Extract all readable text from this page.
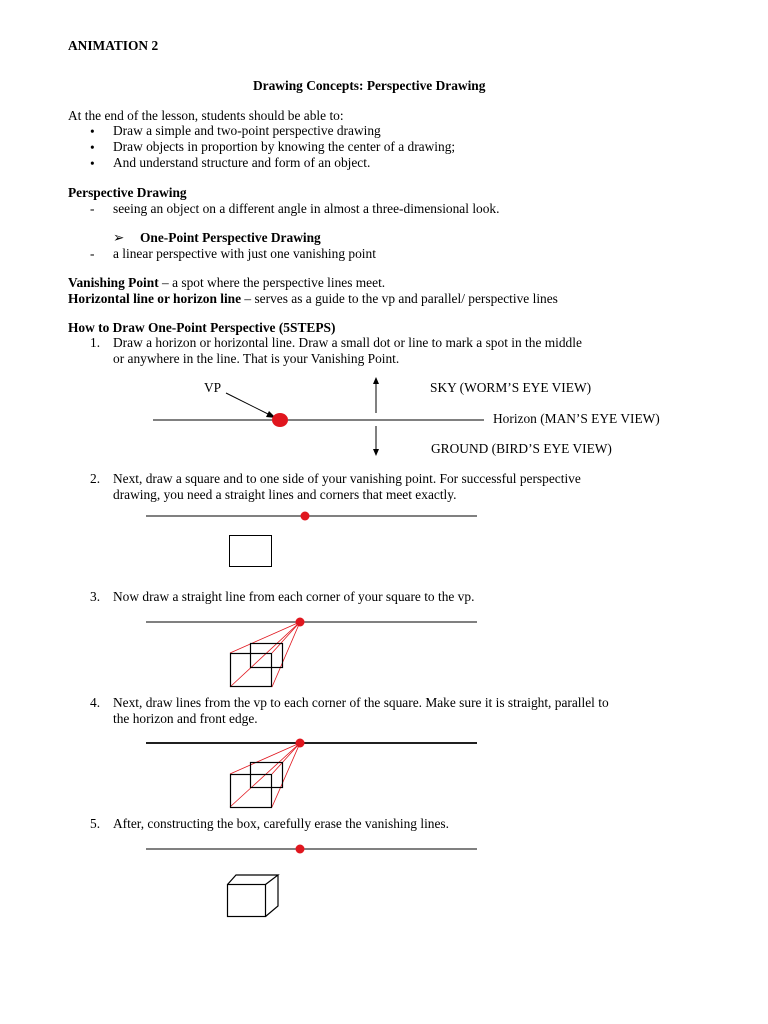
ANIMATION 2
Drawing Concepts: Perspective Drawing
At the end of the lesson, students should be able to:
• Draw a simple and two-point perspective drawing
• Draw objects in proportion by knowing the center of a drawing;
• And understand structure and form of an object.
Perspective Drawing
- seeing an object on a different angle in almost a three-dimensional look.
➢ One-Point Perspective Drawing
- a linear perspective with just one vanishing point
Vanishing Point – a spot where the perspective lines meet.
Horizontal line or horizon line – serves as a guide to the vp and parallel/ perspective lines
How to Draw One-Point Perspective (5STEPS)
1. Draw a horizon or horizontal line. Draw a small dot or line to mark a spot in the middle
or anywhere in the line. That is your Vanishing Point.
VP	SKY (WORM’S EYE VIEW)
Horizon (MAN’S EYE VIEW)
GROUND (BIRD’S EYE VIEW)
2. Next, draw a square and to one side of your vanishing point. For successful perspective
drawing, you need a straight lines and corners that meet exactly.
3. Now draw a straight line from each corner of your square to the vp.
4. Next, draw lines from the vp to each corner of the square. Make sure it is straight, parallel to
the horizon and front edge.
5. After, constructing the box, carefully erase the vanishing lines.
